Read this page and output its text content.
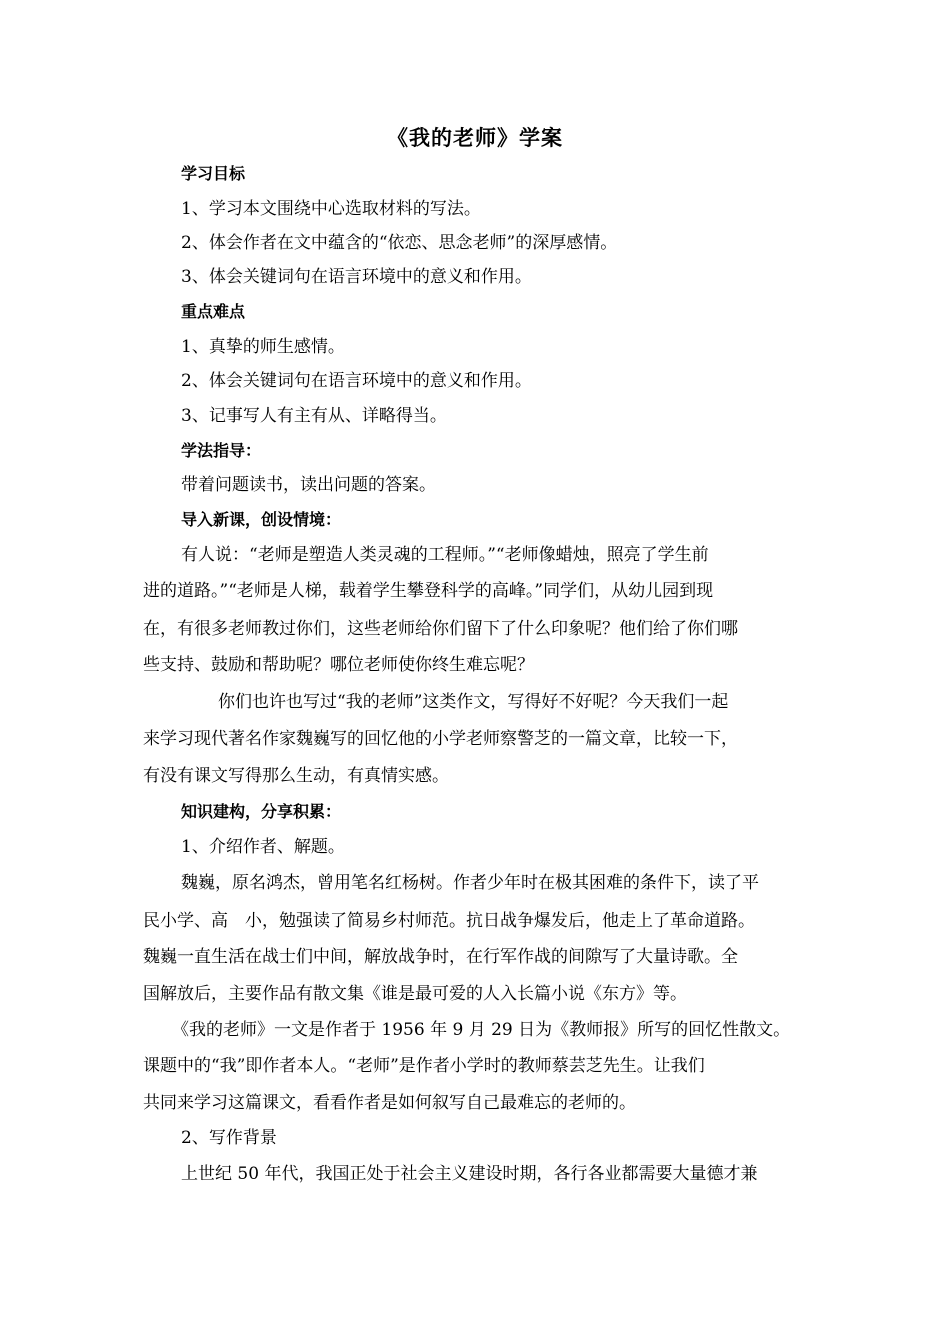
《我的老师》学案
学习目标
1、学习本文围绕中心选取材料的写法。
2、体会作者在文中蕴含的“依恋、思念老师”的深厚感情。
3、体会关键词句在语言环境中的意义和作用。
重点难点
1、真挚的师生感情。
2、体会关键词句在语言环境中的意义和作用。
3、记事写人有主有从、详略得当。
学法指导：
带着问题读书，读出问题的答案。
导入新课，创设情境：
有人说：“老师是塑造人类灵魂的工程师。”“老师像蜡烛，照亮了学生前
进的道路。”“老师是人梯，载着学生攀登科学的高峰。”同学们，从幼儿园到现
在，有很多老师教过你们，这些老师给你们留下了什么印象呢？他们给了你们哪
些支持、鼓励和帮助呢？哪位老师使你终生难忘呢？
你们也许也写过“我的老师”这类作文，写得好不好呢？今天我们一起
来学习现代著名作家魏巍写的回忆他的小学老师察警芝的一篇文章，比较一下，
有没有课文写得那么生动，有真情实感。
知识建构，分享积累：
1、介绍作者、解题。
魏巍，原名鸿杰，曾用笔名红杨树。作者少年时在极其困难的条件下，读了平
民小学、高　小，勉强读了简易乡村师范。抗日战争爆发后，他走上了革命道路。
魏巍一直生活在战士们中间，解放战争时，在行军作战的间隙写了大量诗歌。全
国解放后，主要作品有散文集《谁是最可爱的人入长篇小说《东方》等。
《我的老师》一文是作者于 1956 年 9 月 29 日为《教师报》所写的回忆性散文。
课题中的“我”即作者本人。“老师”是作者小学时的教师蔡芸芝先生。让我们
共同来学习这篇课文，看看作者是如何叙写自己最难忘的老师的。
2、写作背景
上世纪 50 年代，我国正处于社会主义建设时期，各行各业都需要大量德才兼
